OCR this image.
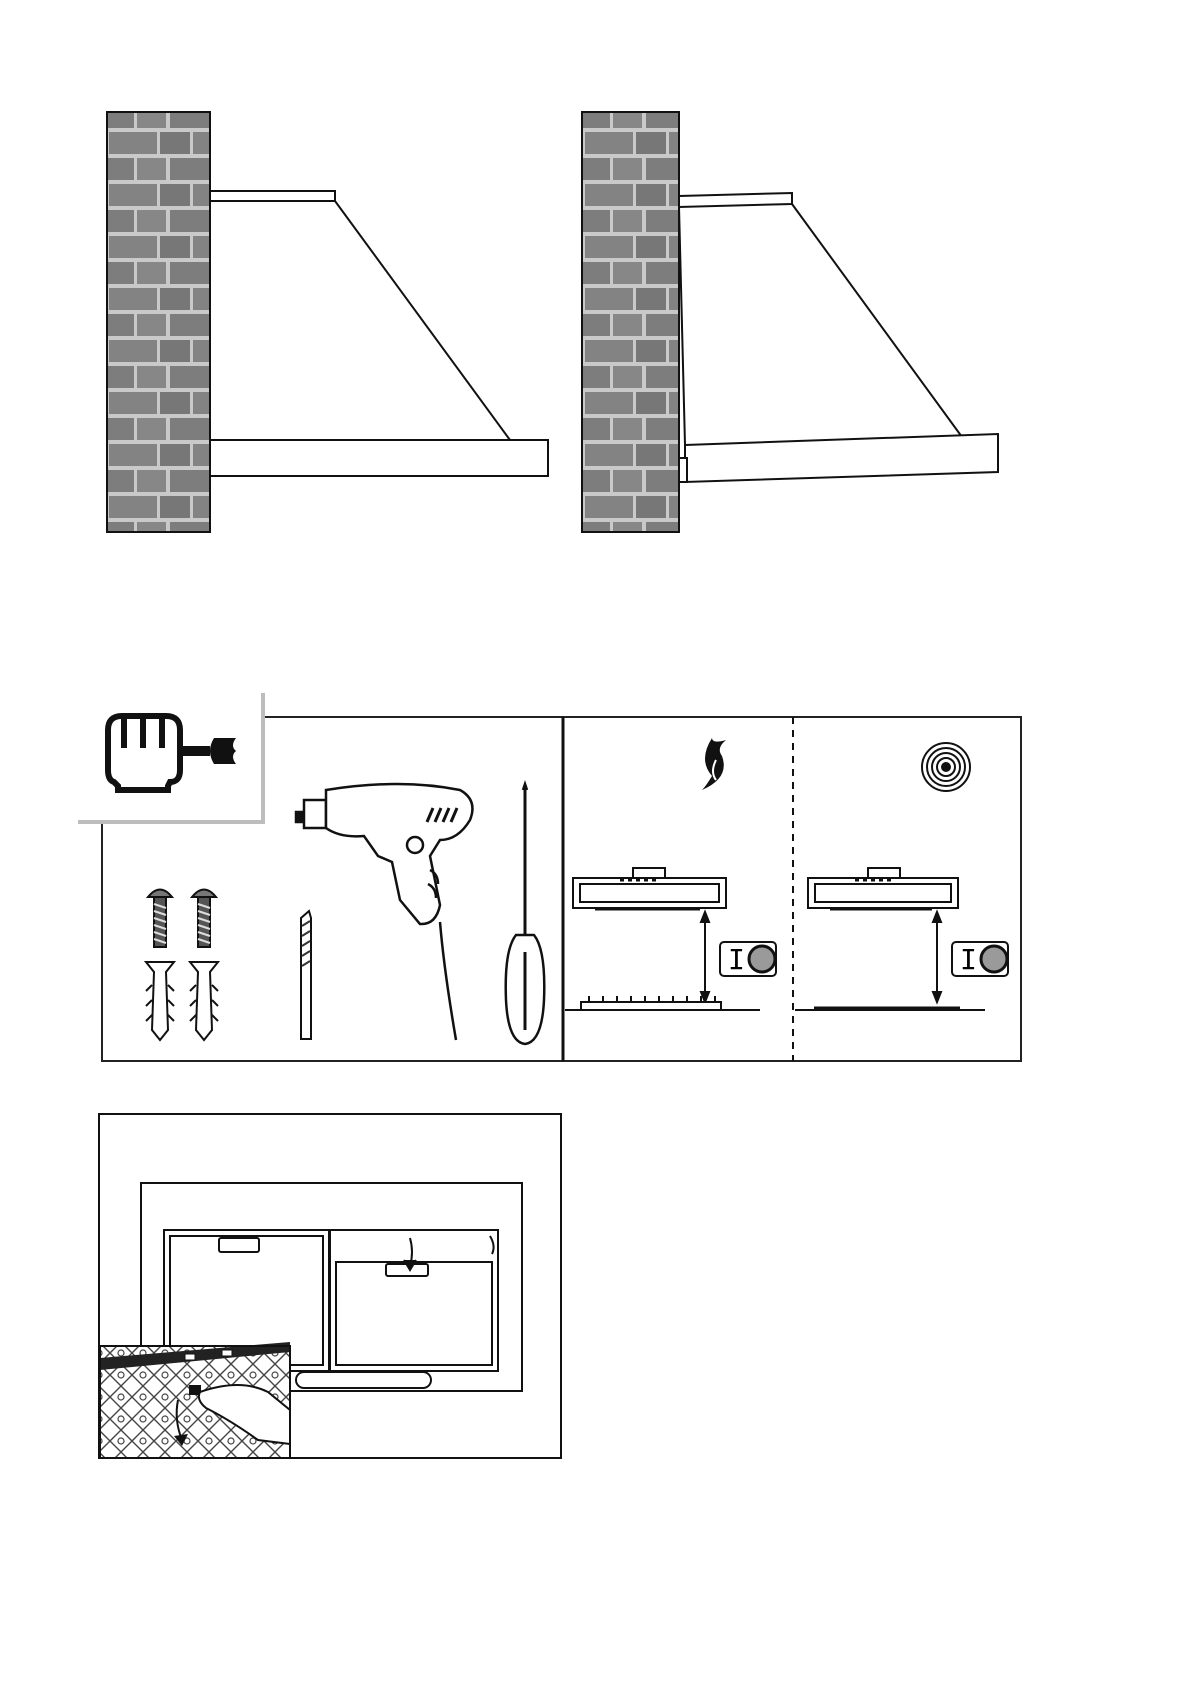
I	I
